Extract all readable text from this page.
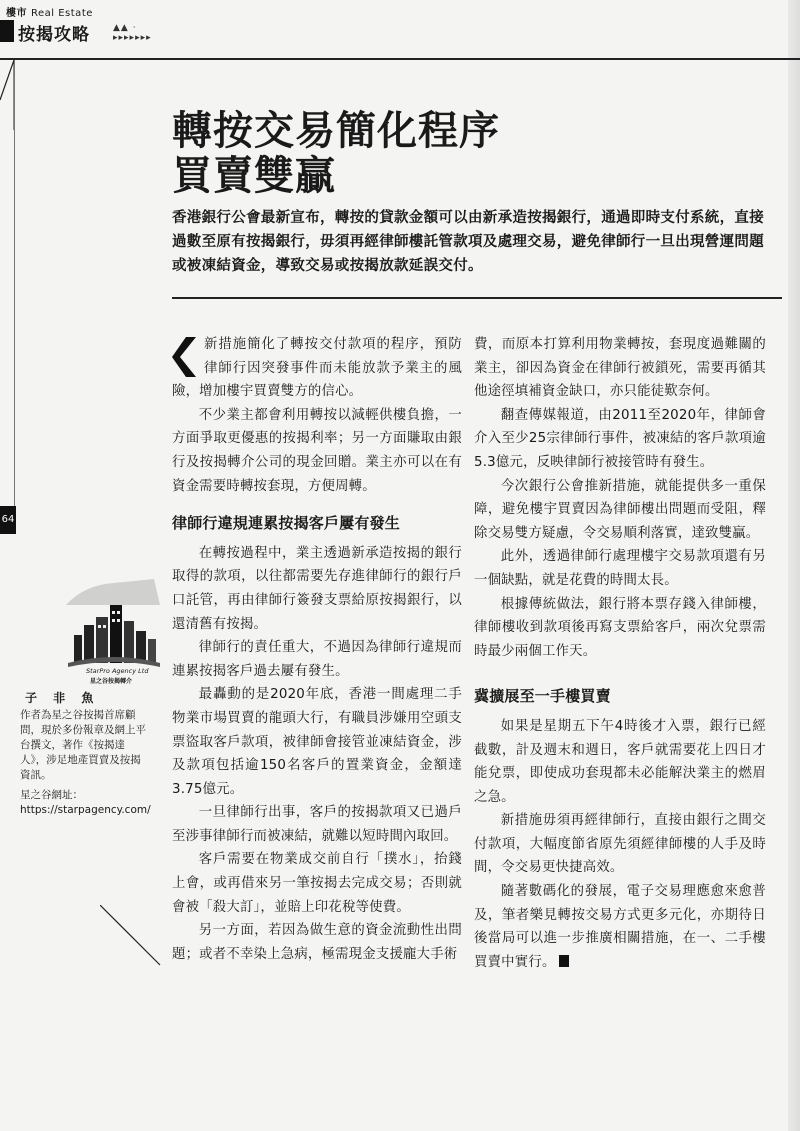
樓市 Real Estate
按揭攻略	▲▲ ·
▸▸▸▸▸▸▸
64
轉按交易簡化程序
買賣雙贏
香港銀行公會最新宣布，轉按的貸款金額可以由新承造按揭銀行，通過即時支付系統，直接過數至原有按揭銀行，毋須再經律師樓託管款項及處理交易，避免律師行一旦出現營運問題或被凍結資金，導致交易或按揭放款延誤交付。

新措施簡化了轉按交付款項的程序，預防律師行因突發事件而未能放款予業主的風險，增加樓宇買賣雙方的信心。

不少業主都會利用轉按以減輕供樓負擔，一方面爭取更優惠的按揭利率；另一方面賺取由銀行及按揭轉介公司的現金回贈。業主亦可以在有資金需要時轉按套現，方便周轉。

律師行違規連累按揭客戶屢有發生

在轉按過程中，業主透過新承造按揭的銀行取得的款項，以往都需要先存進律師行的銀行戶口託管，再由律師行簽發支票給原按揭銀行，以還清舊有按揭。

律師行的責任重大，不過因為律師行違規而連累按揭客戶過去屢有發生。

最轟動的是2020年底，香港一間處理二手物業市場買賣的龍頭大行，有職員涉嫌用空頭支票盜取客戶款項，被律師會接管並凍結資金，涉及款項包括逾150名客戶的置業資金，金額達3.75億元。

一旦律師行出事，客戶的按揭款項又已過戶至涉事律師行而被凍結，就難以短時間內取回。

客戶需要在物業成交前自行「撲水」，抬錢上會，或再借來另一筆按揭去完成交易；否則就會被「殺大訂」，並賠上印花稅等使費。

另一方面，若因為做生意的資金流動性出問題；或者不幸染上急病，極需現金支援龐大手術

費，而原本打算利用物業轉按，套現度過難關的業主，卻因為資金在律師行被鎖死，需要再循其他途徑填補資金缺口，亦只能徒歎奈何。

翻查傳媒報道，由2011至2020年，律師會介入至少25宗律師行事件，被凍結的客戶款項逾5.3億元，反映律師行被接管時有發生。

今次銀行公會推新措施，就能提供多一重保障，避免樓宇買賣因為律師樓出問題而受阻，釋除交易雙方疑慮，令交易順利落實，達致雙贏。

此外，透過律師行處理樓宇交易款項還有另一個缺點，就是花費的時間太長。

根據傳統做法，銀行將本票存錢入律師樓，律師樓收到款項後再寫支票給客戶，兩次兌票需時最少兩個工作天。

冀擴展至一手樓買賣

如果是星期五下午4時後才入票，銀行已經截數，計及週末和週日，客戶就需要花上四日才能兌票，即使成功套現都未必能解決業主的燃眉之急。

新措施毋須再經律師行，直接由銀行之間交付款項，大幅度節省原先須經律師樓的人手及時間，令交易更快捷高效。

隨著數碼化的發展，電子交易理應愈來愈普及，筆者樂見轉按交易方式更多元化，亦期待日後當局可以進一步推廣相關措施，在一、二手樓買賣中實行。

StarPro Agency Ltd
星之谷按揭轉介
子 非 魚
作者為星之谷按揭首席顧問，現於多份報章及網上平台撰文，著作《按揭達人》，涉足地產買賣及按揭資訊。
星之谷網址：
https://starpagency.com/
